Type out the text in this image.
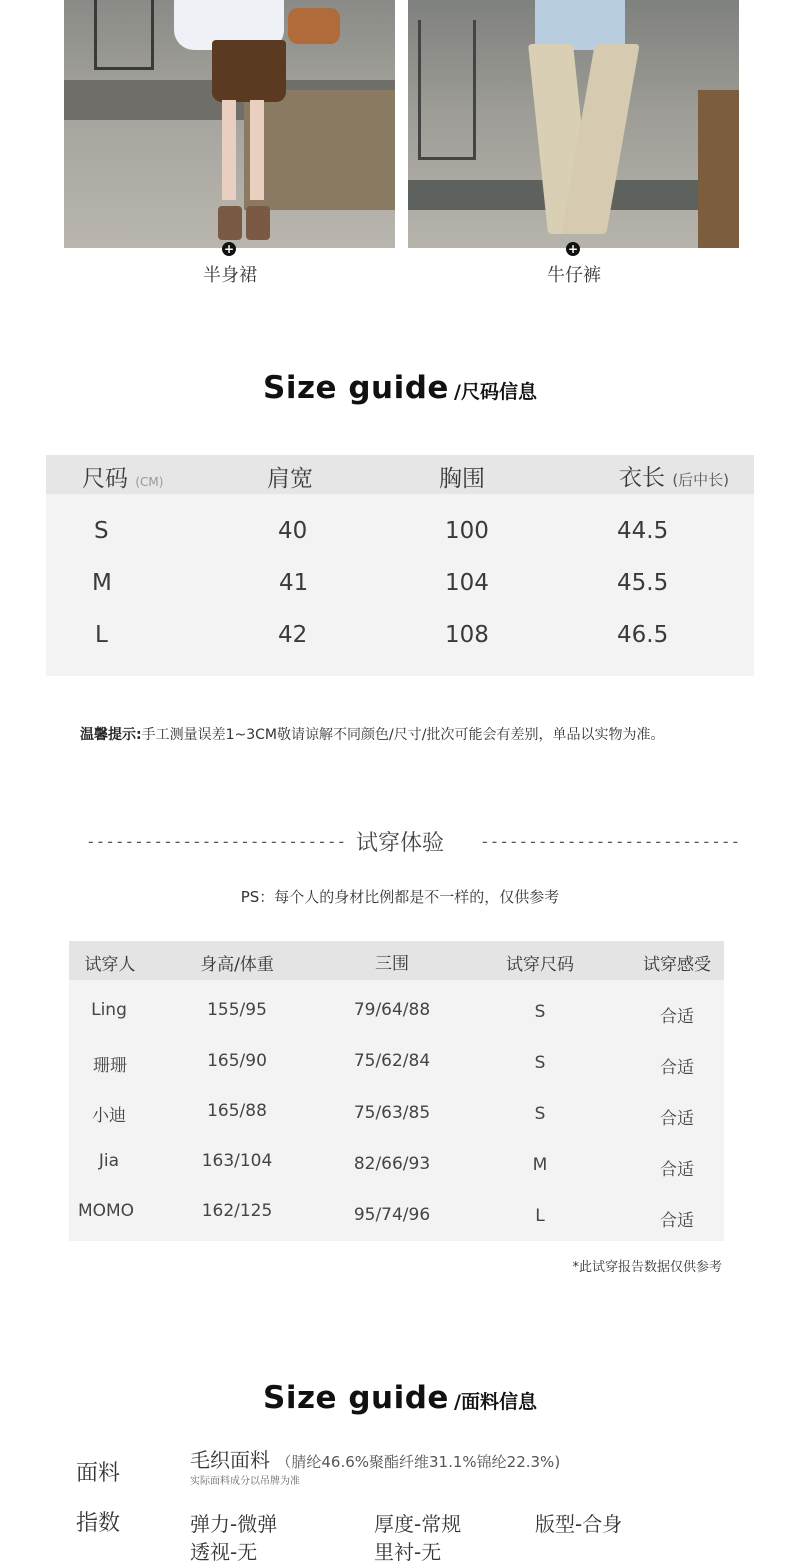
+
半身裙
+
牛仔裤
Size guide /尺码信息
尺码 (CM)	肩宽	胸围	衣长 (后中长)
S	40	100	44.5
M	41	104	45.5
L	42	108	46.5
温馨提示:手工测量误差1~3CM敬请谅解不同颜色/尺寸/批次可能会有差别，单品以实物为准。
--------------------------- 试穿体验	---------------------------
PS：每个人的身材比例都是不一样的，仅供参考
试穿人	身高/体重	三围	试穿尺码	试穿感受
Ling	155/95	79/64/88	S	合适
珊珊	165/90	75/62/84	S	合适
小迪	165/88	75/63/85	S	合适
Jia	163/104	82/66/93	M	合适
MOMO	162/125	95/74/96	L	合适
*此试穿报告数据仅供参考
Size guide /面料信息
面料
毛织面料 （腈纶46.6%聚酯纤维31.1%锦纶22.3%)
实际面料成分以吊牌为准
指数	弹力-微弹	厚度-常规	版型-合身
透视-无	里衬-无
